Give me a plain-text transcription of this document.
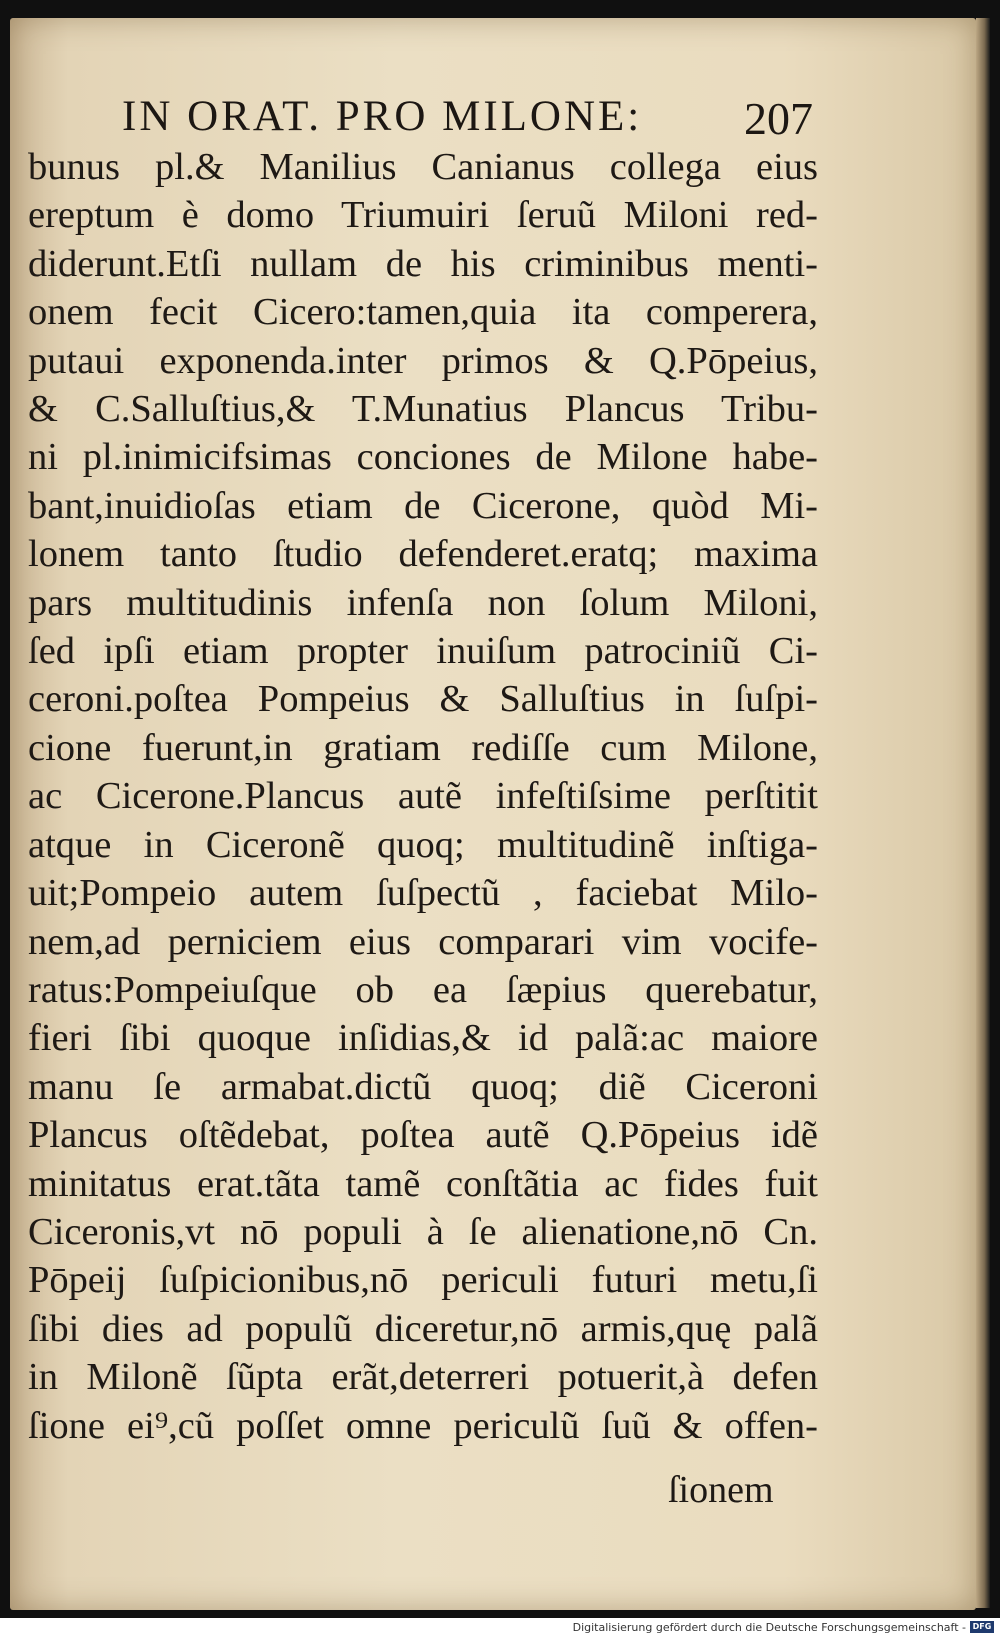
IN ORAT. PRO MILONE:	207
bunus pl.& Manilius Canianus collega eius
ereptum è domo Triumuiri ſeruũ Miloni red-
diderunt.Etſi nullam de his criminibus menti-
onem fecit Cicero:tamen,quia ita comperera,
putaui exponenda.inter primos & Q.Pōpeius,
& C.Salluſtius,& T.Munatius Plancus Tribu-
ni pl.inimicifsimas conciones de Milone habe-
bant,inuidioſas etiam de Cicerone, quòd Mi-
lonem tanto ſtudio defenderet.eratq; maxima
pars multitudinis infenſa non ſolum Miloni,
ſed ipſi etiam propter inuiſum patrociniũ Ci-
ceroni.poſtea Pompeius & Salluſtius in ſuſpi-
cione fuerunt,in gratiam rediſſe cum Milone,
ac Cicerone.Plancus autẽ infeſtiſsime perſtitit
atque in Ciceronẽ quoq; multitudinẽ inſtiga-
uit;Pompeio autem ſuſpectũ , faciebat Milo-
nem,ad perniciem eius comparari vim vocife-
ratus:Pompeiuſque ob ea ſæpius querebatur,
fieri ſibi quoque inſidias,& id palã:ac maiore
manu ſe armabat.dictũ quoq; diẽ Ciceroni
Plancus oſtẽdebat, poſtea autẽ Q.Pōpeius idẽ
minitatus erat.tãta tamẽ conſtãtia ac fides fuit
Ciceronis,vt nō populi à ſe alienatione,nō Cn.
Pōpeij ſuſpicionibus,nō periculi futuri metu,ſi
ſibi dies ad populũ diceretur,nō armis,quę palã
in Milonẽ ſũpta erãt,deterreri potuerit,à defen
ſione ei⁹,cũ poſſet omne periculũ ſuũ & offen-
ſionem
Digitalisierung gefördert durch die Deutsche Forschungsgemeinschaft - DFG
